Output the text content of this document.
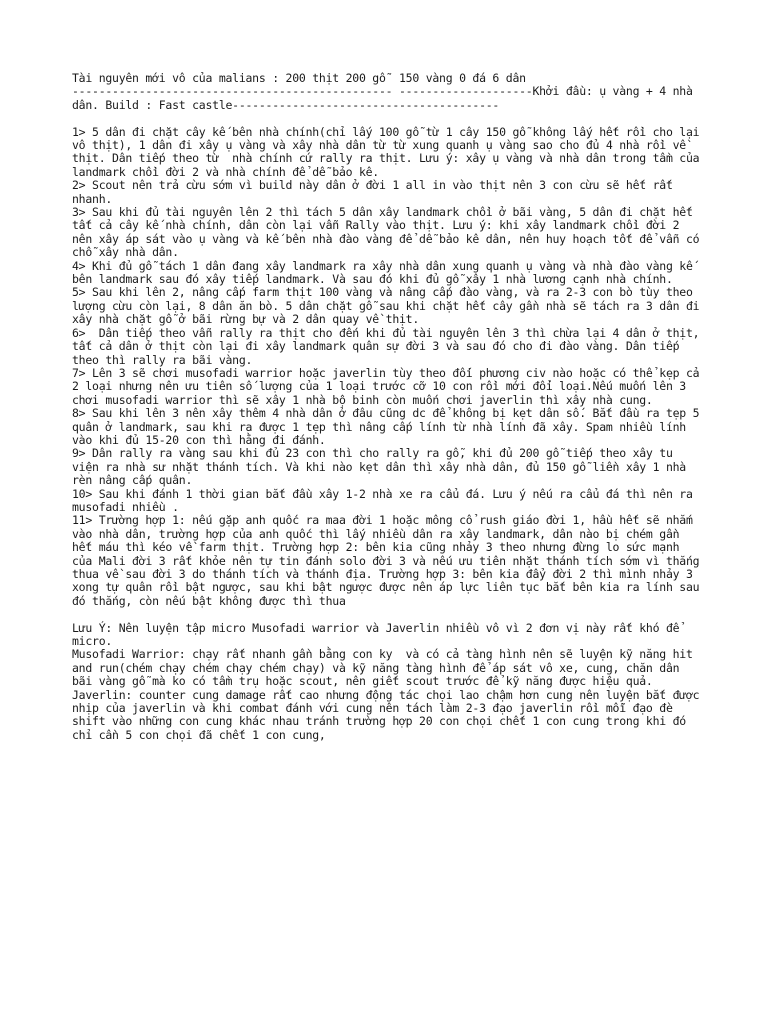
Tài nguyên mới vô của malians : 200 thịt 200 gỗ  150 vàng 0 đá 6 dân

------------------------------------------------ --------------------Khởi đầu: ụ vàng + 4 nhà dân. Build : Fast castle----------------------------------------

1> 5 dân đi chặt cây kế bên nhà chính(chỉ lấy 100 gỗ từ 1 cây 150 gỗ không lấy hết rồi cho lại vô thịt), 1 dân đi xây ụ vàng và xây nhà dân từ từ xung quanh ụ vàng sao cho đủ 4 nhà rồi về thịt. Dân tiếp theo từ  nhà chính cứ rally ra thịt. Lưu ý: xây ụ vàng và nhà dân trong tầm của landmark chồi đời 2 và nhà chính để dễ bảo kê.

2> Scout nên trả cừu sớm vì build này dân ở đời 1 all in vào thịt nên 3 con cừu sẽ hết rất nhanh.

3> Sau khi đủ tài nguyên lên 2 thì tách 5 dân xây landmark chồi ở bãi vàng, 5 dân đi chặt hết tất cả cây kế nhà chính, dân còn lại vẫn Rally vào thịt. Lưu ý: khi xây landmark chồi đời 2 nên xây áp sát vào ụ vàng và kế bên nhà đào vàng để dễ bảo kê dân, nên huy hoạch tốt để vẫn có chỗ xây nhà dân.

4> Khi đủ gỗ tách 1 dân đang xây landmark ra xây nhà dân xung quanh ụ vàng và nhà đào vàng kế bên landmark sau đó xây tiếp landmark. Và sau đó khi đủ gỗ xây 1 nhà lương cạnh nhà chính.

5> Sau khi lên 2, nâng cấp farm thịt 100 vàng và nâng cấp đào vàng, và ra 2-3 con bò tùy theo lượng cừu còn lại, 8 dân ăn bò. 5 dân chặt gỗ sau khi chặt hết cây gần nhà sẽ tách ra 3 dân đi xây nhà chặt gỗ ở bãi rừng bự và 2 dân quay về thịt.

6>  Dân tiếp theo vẫn rally ra thịt cho đến khi đủ tài nguyên lên 3 thì chừa lại 4 dân ở thịt, tất cả dân ở thịt còn lại đi xây landmark quân sự đời 3 và sau đó cho đi đào vàng. Dân tiếp theo thì rally ra bãi vàng.

7> Lên 3 sẽ chơi musofadi warrior hoặc javerlin tùy theo đối phương civ nào hoặc có thể kẹp cả 2 loại nhưng nên ưu tiên số lượng của 1 loại trước cỡ 10 con rồi mới đổi loại.Nếu muốn lên 3 chơi musofadi warrior thì sẽ xây 1 nhà bộ binh còn muốn chơi javerlin thì xây nhà cung.

8> Sau khi lên 3 nên xây thêm 4 nhà dân ở đâu cũng dc để không bị kẹt dân số. Bắt đầu ra tẹp 5 quân ở landmark, sau khi ra được 1 tẹp thì nâng cấp lính từ nhà lính đã xây. Spam nhiều lính vào khi đủ 15-20 con thì hằng đi đánh.

9> Dân rally ra vàng sau khi đủ 23 con thì cho rally ra gỗ, khi đủ 200 gỗ tiếp theo xây tu viện ra nhà sư nhặt thánh tích. Và khi nào kẹt dân thì xây nhà dân, đủ 150 gỗ liền xây 1 nhà rèn nâng cấp quân.

10> Sau khi đánh 1 thời gian bắt đầu xây 1-2 nhà xe ra cẩu đá. Lưu ý nếu ra cẩu đá thì nên ra musofadi nhiều .

11> Trường hợp 1: nếu gặp anh quốc ra maa đời 1 hoặc mông cổ rush giáo đời 1, hầu hết sẽ nhắm vào nhà dân, trường hợp của anh quốc thì lấy nhiều dân ra xây landmark, dân nào bị chém gần hết máu thì kéo về farm thịt. Trường hợp 2: bên kia cũng nhảy 3 theo nhưng đừng lo sức mạnh của Mali đời 3 rất khỏe nên tự tin đánh solo đời 3 và nếu ưu tiên nhặt thánh tích sớm vì thắng thua về sau đời 3 do thánh tích và thánh địa. Trường hợp 3: bên kia đẩy đời 2 thì mình nhảy 3 xong tự quân rồi bật ngược, sau khi bật ngược được nên áp lực liên tục bắt bên kia ra lính sau đó thắng, còn nếu bật không được thì thua

Lưu Ý: Nên luyện tập micro Musofadi warrior và Javerlin nhiều vô vì 2 đơn vị này rất khó để micro.

Musofadi Warrior: chạy rất nhanh gần bằng con ky  và có cả tàng hình nên sẽ luyện kỹ năng hit and run(chém chạy chém chạy chém chạy) và kỹ năng tàng hình để áp sát vô xe, cung, chăn dân bãi vàng gỗ mà ko có tầm trụ hoặc scout, nên giết scout trước để kỹ năng được hiệu quả.

Javerlin: counter cung damage rất cao nhưng động tác chọi lao chậm hơn cung nên luyện bắt được nhịp của javerlin và khi combat đánh với cung nên tách làm 2-3 đạo javerlin rồi mỗi đạo đè shift vào những con cung khác nhau tránh trường hợp 20 con chọi chết 1 con cung trong khi đó chỉ cần 5 con chọi đã chết 1 con cung,
